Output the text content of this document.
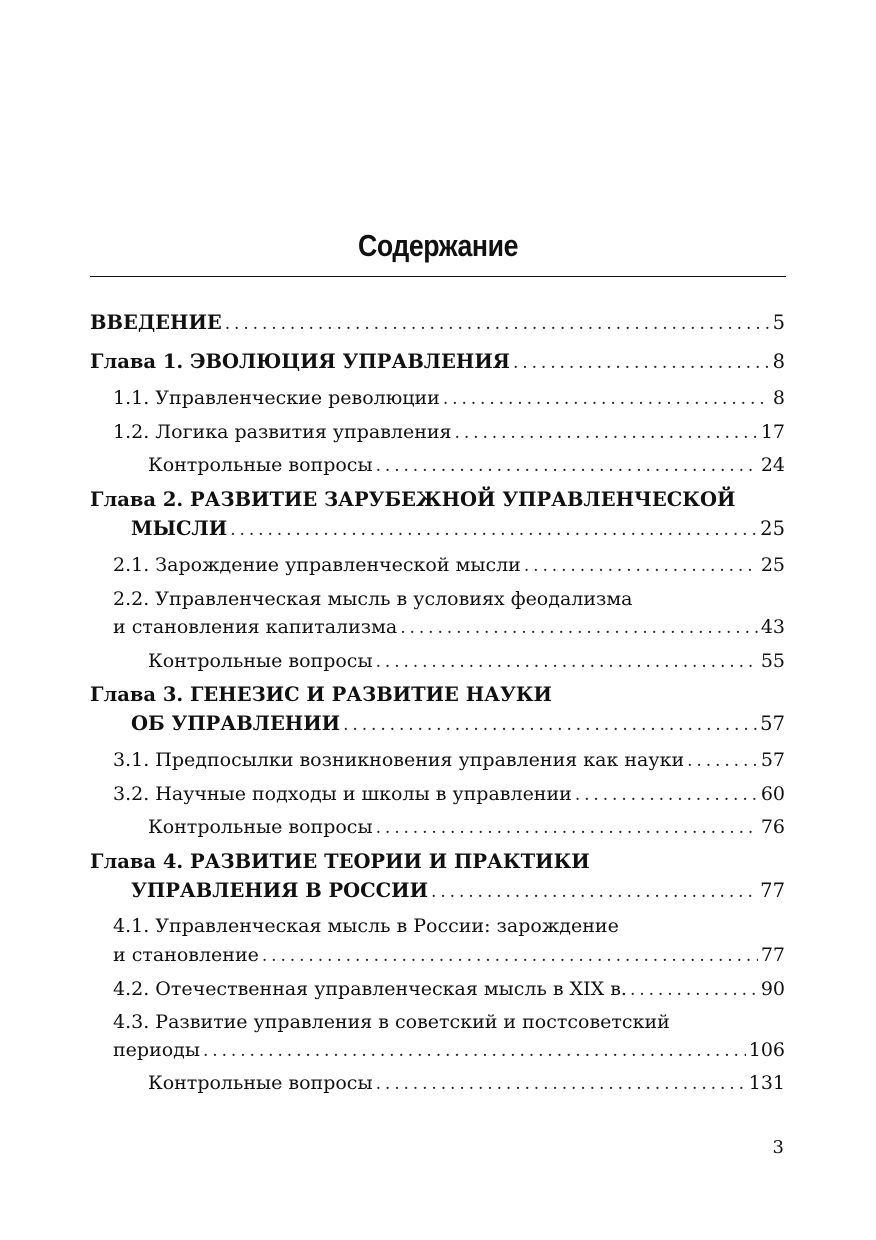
Содержание
ВВЕДЕНИЕ . . .	5
Глава 1. ЭВОЛЮЦИЯ УПРАВЛЕНИЯ . . .	8
1.1. Управленческие революции . . .	8
1.2. Логика развития управления . . .	17
Контрольные вопросы . . .	24
Глава 2. РАЗВИТИЕ ЗАРУБЕЖНОЙ УПРАВЛЕНЧЕСКОЙ
МЫСЛИ . . .	25
2.1. Зарождение управленческой мысли . . .	25
2.2. Управленческая мысль в условиях феодализма
и становления капитализма . . .	43
Контрольные вопросы . . .	55
Глава 3. ГЕНЕЗИС И РАЗВИТИЕ НАУКИ
ОБ УПРАВЛЕНИИ . . .	57
3.1. Предпосылки возникновения управления как науки . . .	57
3.2. Научные подходы и школы в управлении . . .	60
Контрольные вопросы . . .	76
Глава 4. РАЗВИТИЕ ТЕОРИИ И ПРАКТИКИ
УПРАВЛЕНИЯ В РОССИИ . . .	77
4.1. Управленческая мысль в России: зарождение
и становление . . .	77
4.2. Отечественная управленческая мысль в XIX в. . . .	90
4.3. Развитие управления в советский и постсоветский
периоды . . .	106
Контрольные вопросы . . .	131
3
